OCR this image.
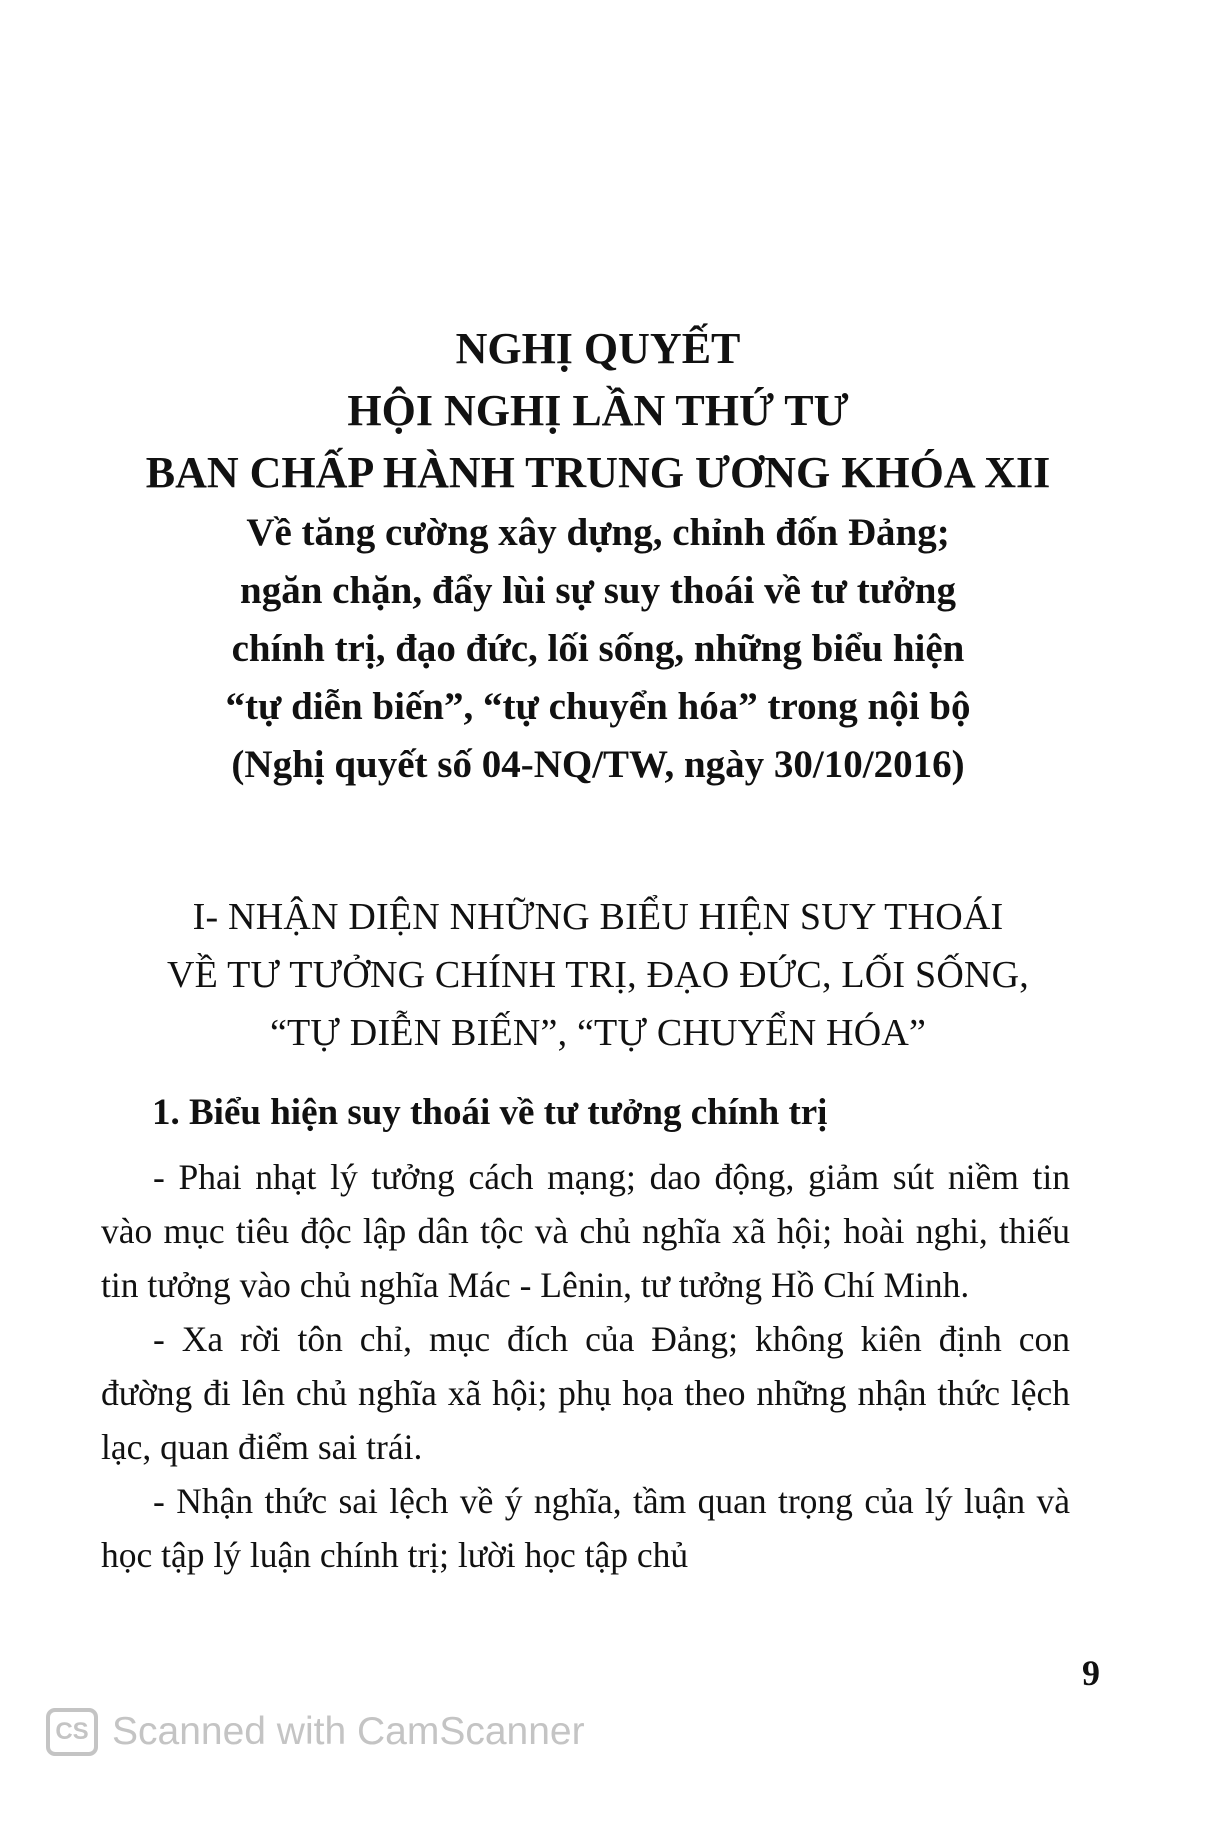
NGHỊ QUYẾT
HỘI NGHỊ LẦN THỨ TƯ
BAN CHẤP HÀNH TRUNG ƯƠNG KHÓA XII
Về tăng cường xây dựng, chỉnh đốn Đảng;
ngăn chặn, đẩy lùi sự suy thoái về tư tưởng
chính trị, đạo đức, lối sống, những biểu hiện
“tự diễn biến”, “tự chuyển hóa” trong nội bộ
(Nghị quyết số 04-NQ/TW, ngày 30/10/2016)
I- NHẬN DIỆN NHỮNG BIỂU HIỆN SUY THOÁI
VỀ TƯ TƯỞNG CHÍNH TRỊ, ĐẠO ĐỨC, LỐI SỐNG,
“TỰ DIỄN BIẾN”, “TỰ CHUYỂN HÓA”
1. Biểu hiện suy thoái về tư tưởng chính trị

- Phai nhạt lý tưởng cách mạng; dao động, giảm sút niềm tin vào mục tiêu độc lập dân tộc và chủ nghĩa xã hội; hoài nghi, thiếu tin tưởng vào chủ nghĩa Mác - Lênin, tư tưởng Hồ Chí Minh.

- Xa rời tôn chỉ, mục đích của Đảng; không kiên định con đường đi lên chủ nghĩa xã hội; phụ họa theo những nhận thức lệch lạc, quan điểm sai trái.

- Nhận thức sai lệch về ý nghĩa, tầm quan trọng của lý luận và học tập lý luận chính trị; lười học tập chủ

9
CS Scanned with CamScanner
